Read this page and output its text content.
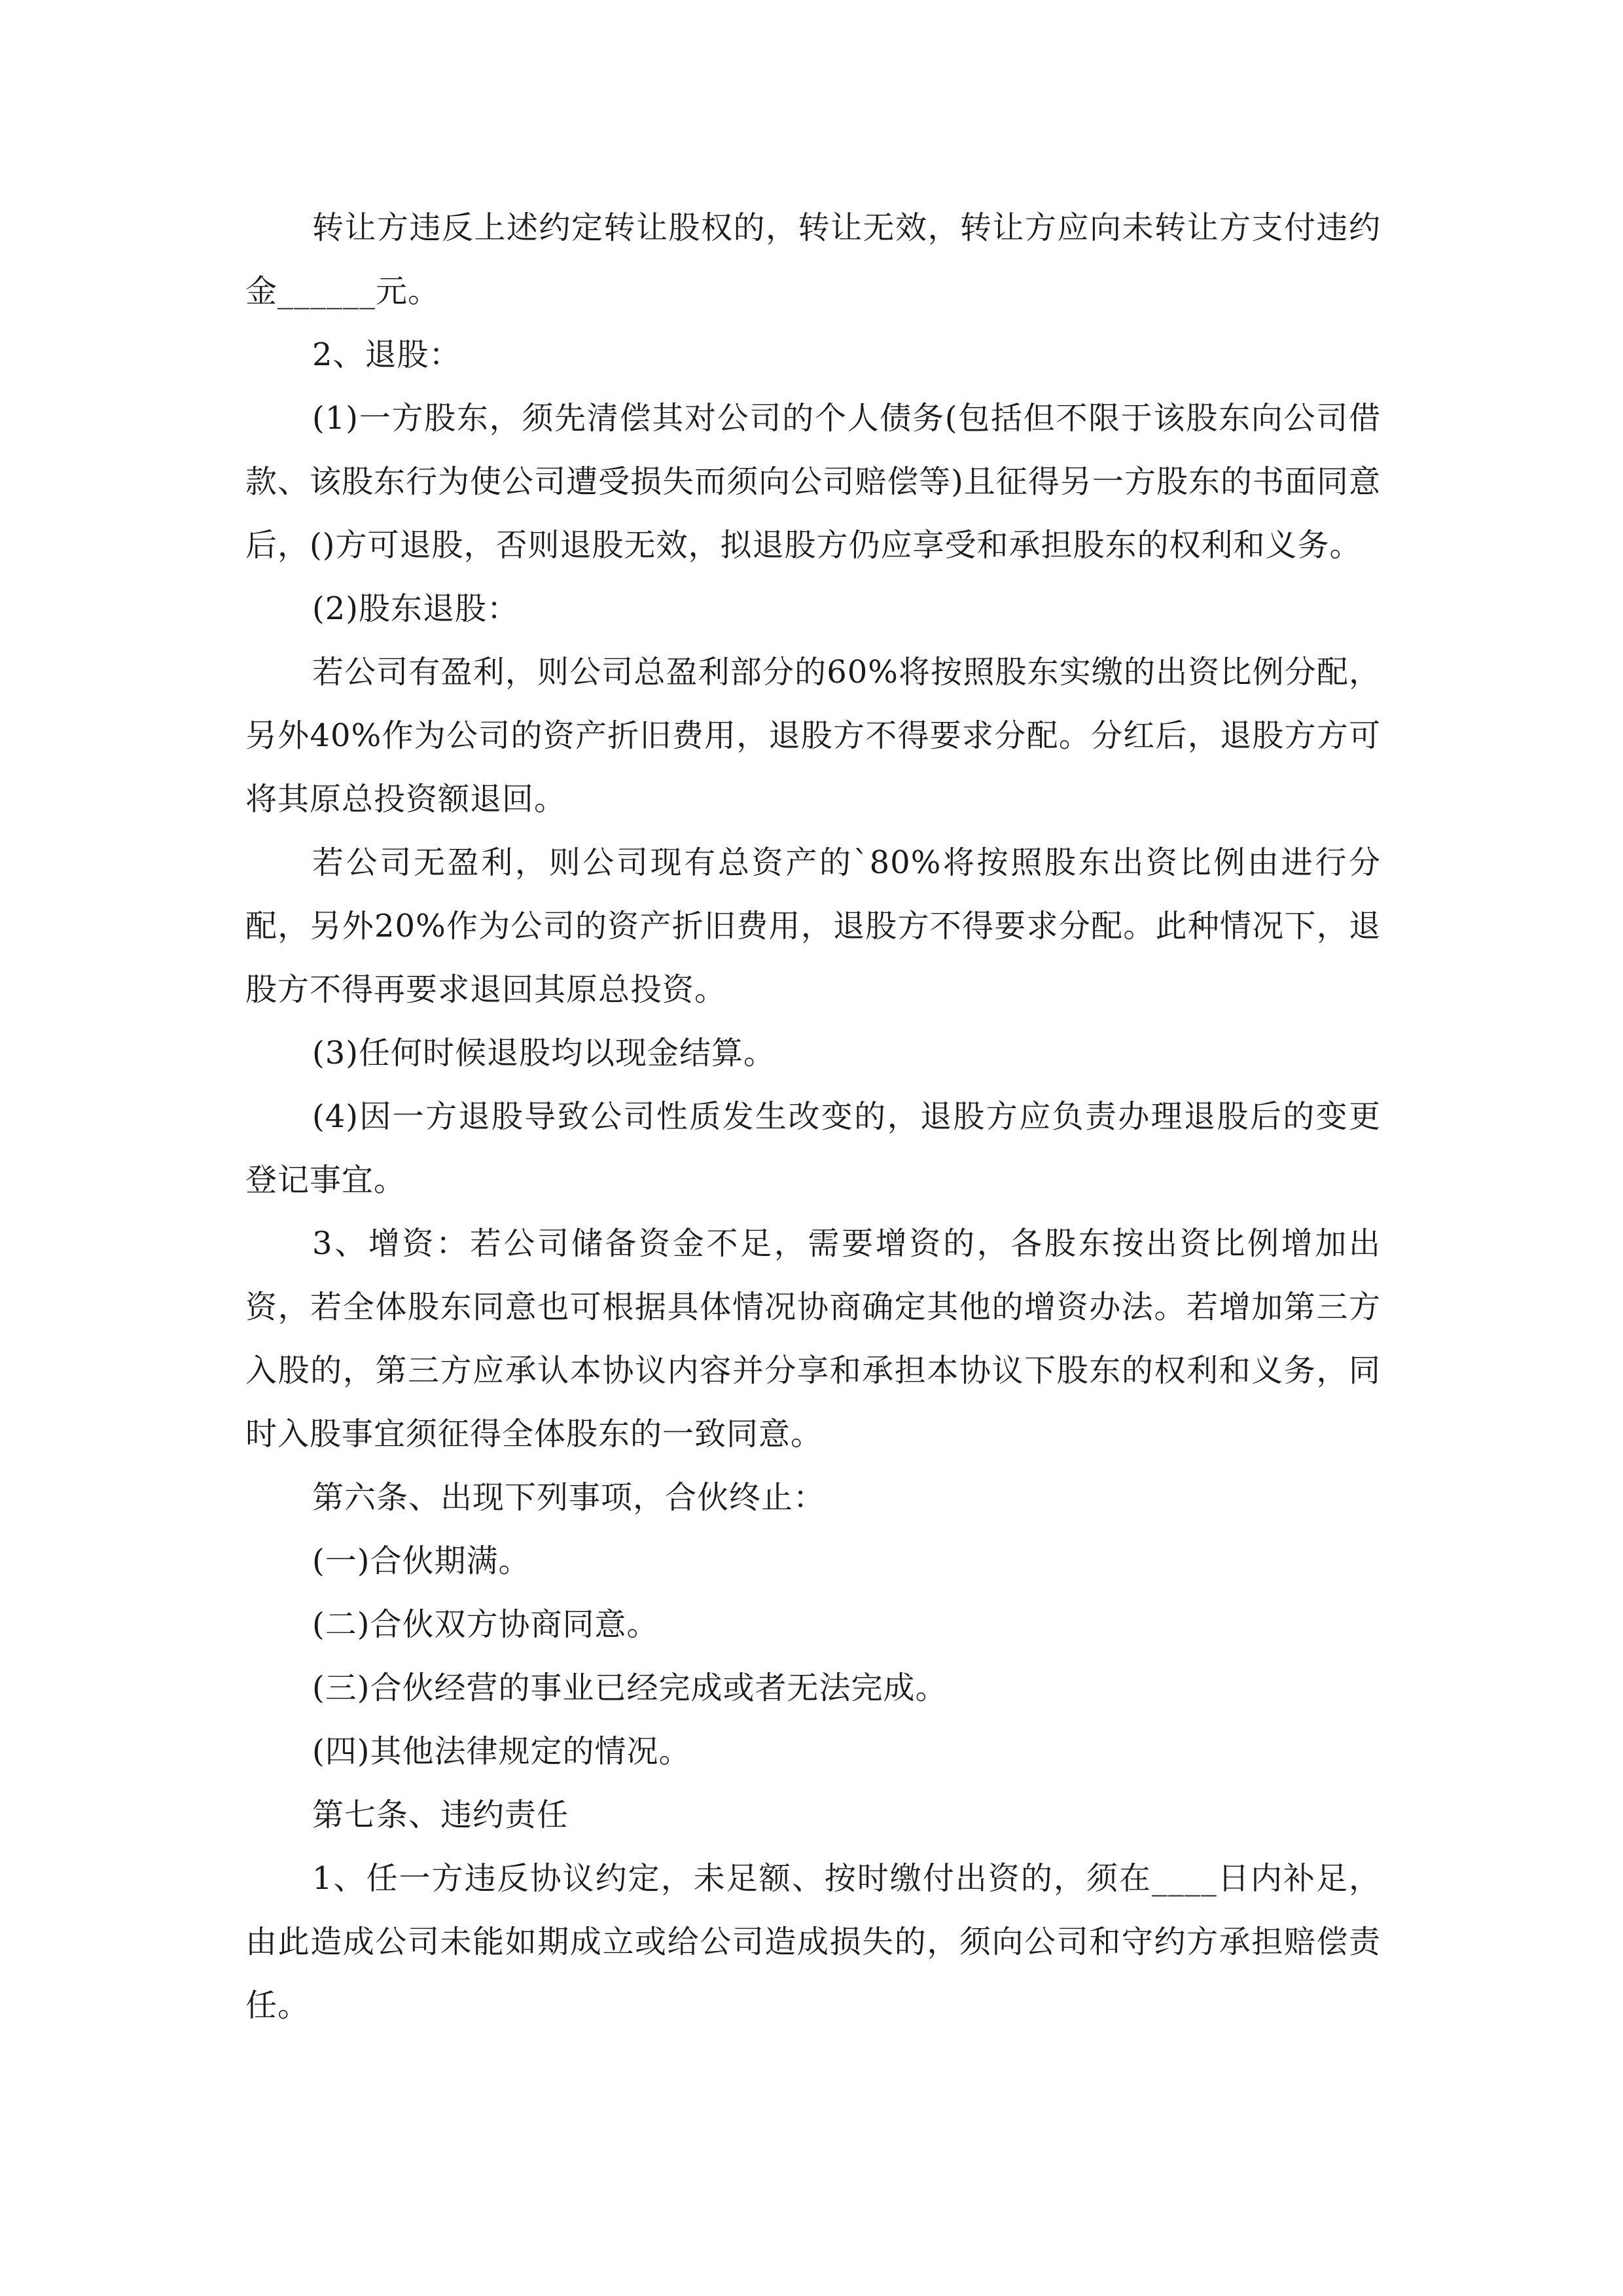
转让方违反上述约定转让股权的，转让无效，转让方应向未转让方支付违约金______元。

2、退股：

(1)一方股东，须先清偿其对公司的个人债务(包括但不限于该股东向公司借款、该股东行为使公司遭受损失而须向公司赔偿等)且征得另一方股东的书面同意后，()方可退股，否则退股无效，拟退股方仍应享受和承担股东的权利和义务。

(2)股东退股：

若公司有盈利，则公司总盈利部分的60%将按照股东实缴的出资比例分配，另外40%作为公司的资产折旧费用，退股方不得要求分配。分红后，退股方方可将其原总投资额退回。

若公司无盈利，则公司现有总资产的`80%将按照股东出资比例由进行分配，另外20%作为公司的资产折旧费用，退股方不得要求分配。此种情况下，退股方不得再要求退回其原总投资。

(3)任何时候退股均以现金结算。

(4)因一方退股导致公司性质发生改变的，退股方应负责办理退股后的变更登记事宜。

3、增资：若公司储备资金不足，需要增资的，各股东按出资比例增加出资，若全体股东同意也可根据具体情况协商确定其他的增资办法。若增加第三方入股的，第三方应承认本协议内容并分享和承担本协议下股东的权利和义务，同时入股事宜须征得全体股东的一致同意。

第六条、出现下列事项，合伙终止：

(一)合伙期满。

(二)合伙双方协商同意。

(三)合伙经营的事业已经完成或者无法完成。

(四)其他法律规定的情况。

第七条、违约责任

1、任一方违反协议约定，未足额、按时缴付出资的，须在____日内补足，由此造成公司未能如期成立或给公司造成损失的，须向公司和守约方承担赔偿责任。
